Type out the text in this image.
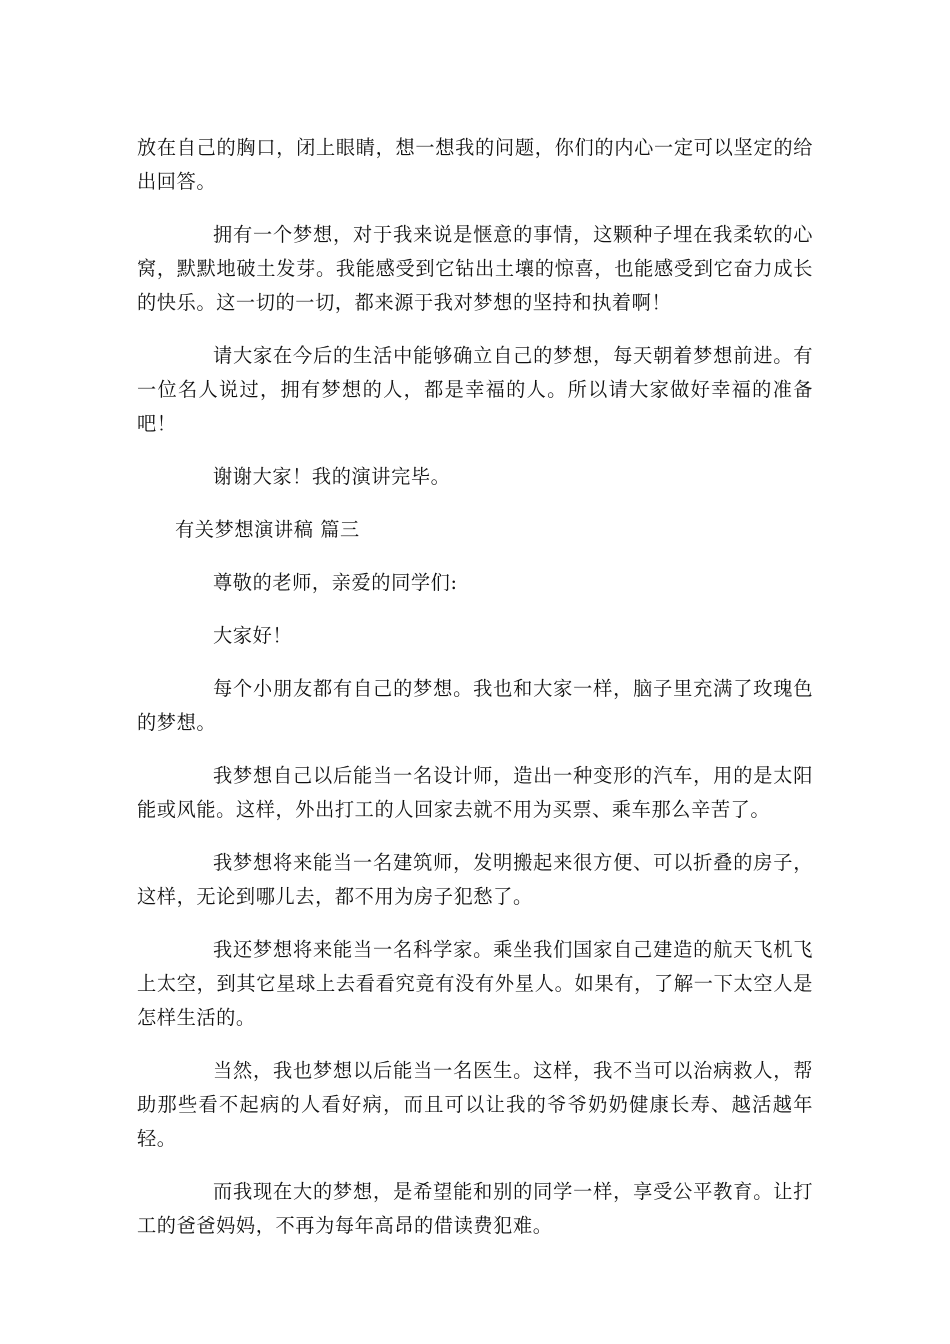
放在自己的胸口，闭上眼睛，想一想我的问题，你们的内心一定可以坚定的给出回答。

拥有一个梦想，对于我来说是惬意的事情，这颗种子埋在我柔软的心窝，默默地破土发芽。我能感受到它钻出土壤的惊喜，也能感受到它奋力成长的快乐。这一切的一切，都来源于我对梦想的坚持和执着啊！

请大家在今后的生活中能够确立自己的梦想，每天朝着梦想前进。有一位名人说过，拥有梦想的人，都是幸福的人。所以请大家做好幸福的准备吧！

谢谢大家！我的演讲完毕。

有关梦想演讲稿 篇三

尊敬的老师，亲爱的同学们:

大家好！

每个小朋友都有自己的梦想。我也和大家一样，脑子里充满了玫瑰色的梦想。

我梦想自己以后能当一名设计师，造出一种变形的汽车，用的是太阳能或风能。这样，外出打工的人回家去就不用为买票、乘车那么辛苦了。

我梦想将来能当一名建筑师，发明搬起来很方便、可以折叠的房子，这样，无论到哪儿去，都不用为房子犯愁了。

我还梦想将来能当一名科学家。乘坐我们国家自己建造的航天飞机飞上太空，到其它星球上去看看究竟有没有外星人。如果有，了解一下太空人是怎样生活的。

当然，我也梦想以后能当一名医生。这样，我不当可以治病救人，帮助那些看不起病的人看好病，而且可以让我的爷爷奶奶健康长寿、越活越年轻。

而我现在大的梦想，是希望能和别的同学一样，享受公平教育。让打工的爸爸妈妈，不再为每年高昂的借读费犯难。
